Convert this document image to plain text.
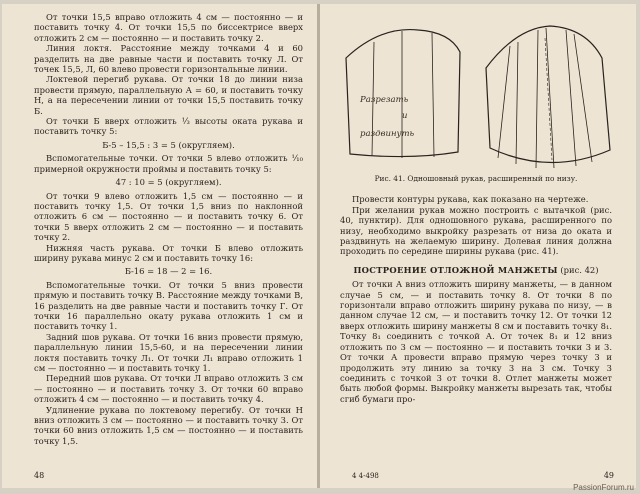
От точки 15,5 вправо отложить 4 см — постоянно — и поставить точку 4. От точки 15,5 по биссектрисе вверх отложить 2 см — постоянно — и поставить точку 2.

Линия локтя. Расстояние между точками 4 и 60 разделить на две равные части и поставить точку Л. От точек 15,5, Л, 60 влево провести горизонтальные линии.

Локтевой перегиб рукава. От точки 18 до линии низа провести прямую, параллельную А = 60, и поставить точку Н, а на пересечении линии от точки 15,5 поставить точку Б.

От точки Б вверх отложить ⅓ высоты оката рукава и поставить точку 5:

Б-5 – 15,5 : 3 = 5 (округляем).

Вспомогательные точки. От точки 5 влево отложить ⅟₁₀ примерной окружности проймы и поставить точку 5:

47 : 10 = 5 (округляем).

От точки 9 влево отложить 1,5 см — постоянно — и поставить точку 1,5. От точки 1,5 вниз по наклонной отложить 6 см — постоянно — и поставить точку 6. От точки 5 вверх отложить 2 см — постоянно — и поставить точку 2.

Нижняя часть рукава. От точки Б влево отложить ширину рукава минус 2 см и поставить точку 16:

Б-16 = 18 — 2 = 16.

Вспомогательные точки. От точки 5 вниз провести прямую и поставить точку В. Расстояние между точками В, 16 разделить на две равные части и поставить точку Г. От точки 16 параллельно окату рукава отложить 1 см и поставить точку 1.

Задний шов рукава. От точки 16 вниз провести прямую, параллельную линии 15,5-60, и на пересечении линии локтя поставить точку Л₁. От точки Л₁ вправо отложить 1 см — постоянно — и поставить точку 1.

Передний шов рукава. От точки Л вправо отложить 3 см — постоянно — и поставить точку 3. От точки 60 вправо отложить 4 см — постоянно — и поставить точку 4.

Удлинение рукава по локтевому перегибу. От точки Н вниз отложить 3 см — постоянно — и поставить точку 3. От точки 60 вниз отложить 1,5 см — постоянно — и поставить точку 1,5.

48
Разрезать
и
раздвинуть

Рис. 41. Одношовный рукав, расширенный по низу.

Провести контуры рукава, как показано на чертеже.

При желании рукав можно построить с вытачкой (рис. 40, пунктир). Для одношовного рукава, расширенного по низу, необходимо выкройку разрезать от низа до оката и раздвинуть на желаемую ширину. Долевая линия должна проходить по середине ширины рукава (рис. 41).

ПОСТРОЕНИЕ ОТЛОЖНОЙ МАНЖЕТЫ (рис. 42)

От точки А вниз отложить ширину манжеты, — в данном случае 5 см, — и поставить точку 8. От точки 8 по горизонтали вправо отложить ширину рукава по низу, — в данном случае 12 см, — и поставить точку 12. От точки 12 вверх отложить ширину манжеты 8 см и поставить точку 8₁. Точку 8₁ соединить с точкой А. От точек 8₁ и 12 вниз отложить по 3 см — постоянно — и поставить точки 3 и 3. От точки А провести вправо прямую через точку 3 и продолжить эту линию за точку 3 на 3 см. Точку 3 соединить с точкой 3 от точки 8. Отлет манжеты может быть любой формы. Выкройку манжеты вырезать так, чтобы сгиб бумаги про-

4 4-498	49
PassionForum.ru
